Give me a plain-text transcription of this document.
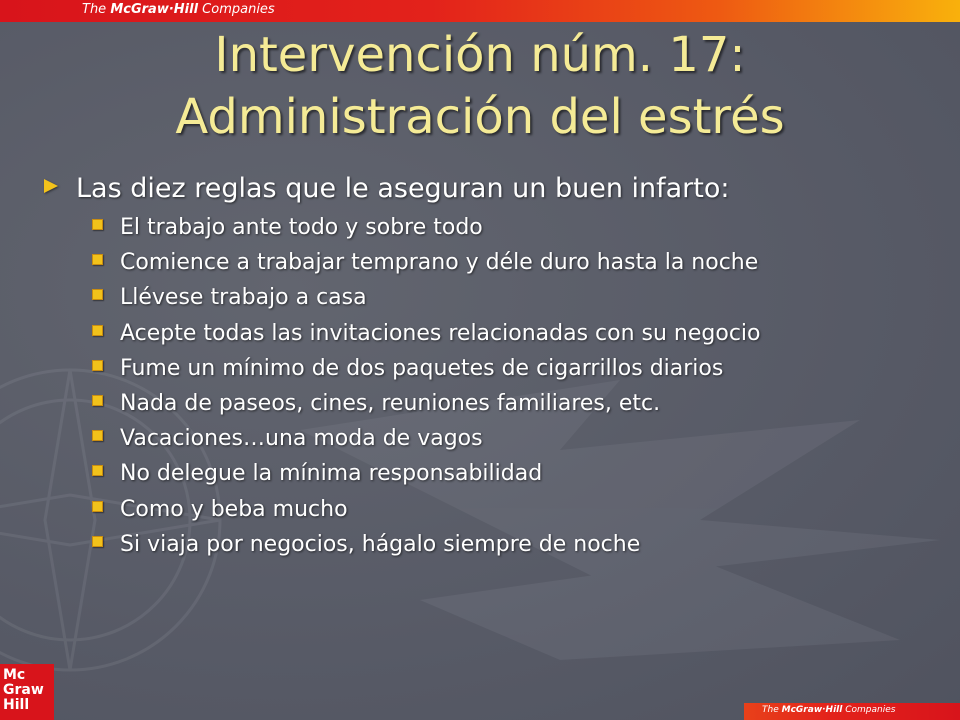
The McGraw·Hill Companies
Intervención núm. 17:
Administración del estrés
Las diez reglas que le aseguran un buen infarto:
El trabajo ante todo y sobre todo
Comience a trabajar temprano y déle duro hasta la noche
Llévese trabajo a casa
Acepte todas las invitaciones relacionadas con su negocio
Fume un mínimo de dos paquetes de cigarrillos diarios
Nada de paseos, cines, reuniones familiares, etc.
Vacaciones…una moda de vagos
No delegue la mínima responsabilidad
Como y beba mucho
Si viaja por negocios, hágalo siempre de noche
Mc
Graw
Hill	The McGraw·Hill Companies
